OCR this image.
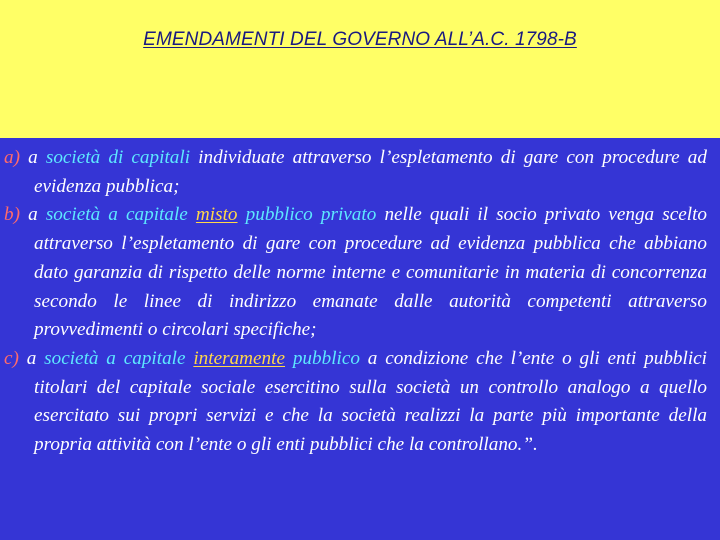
EMENDAMENTI DEL GOVERNO ALL’A.C. 1798-B

a) a società di capitali individuate attraverso l’espletamento di gare con procedure ad evidenza pubblica;

b) a società a capitale misto pubblico privato nelle quali il socio privato venga scelto attraverso l’espletamento di gare con procedure ad evidenza pubblica che abbiano dato garanzia di rispetto delle norme interne e comunitarie in materia di concorrenza secondo le linee di indirizzo emanate dalle autorità competenti attraverso provvedimenti o circolari specifiche;

c) a società a capitale interamente pubblico a condizione che l’ente o gli enti pubblici titolari del capitale sociale esercitino sulla società un controllo analogo a quello esercitato sui propri servizi e che la società realizzi la parte più importante della propria attività con l’ente o gli enti pubblici che la controllano.”.
